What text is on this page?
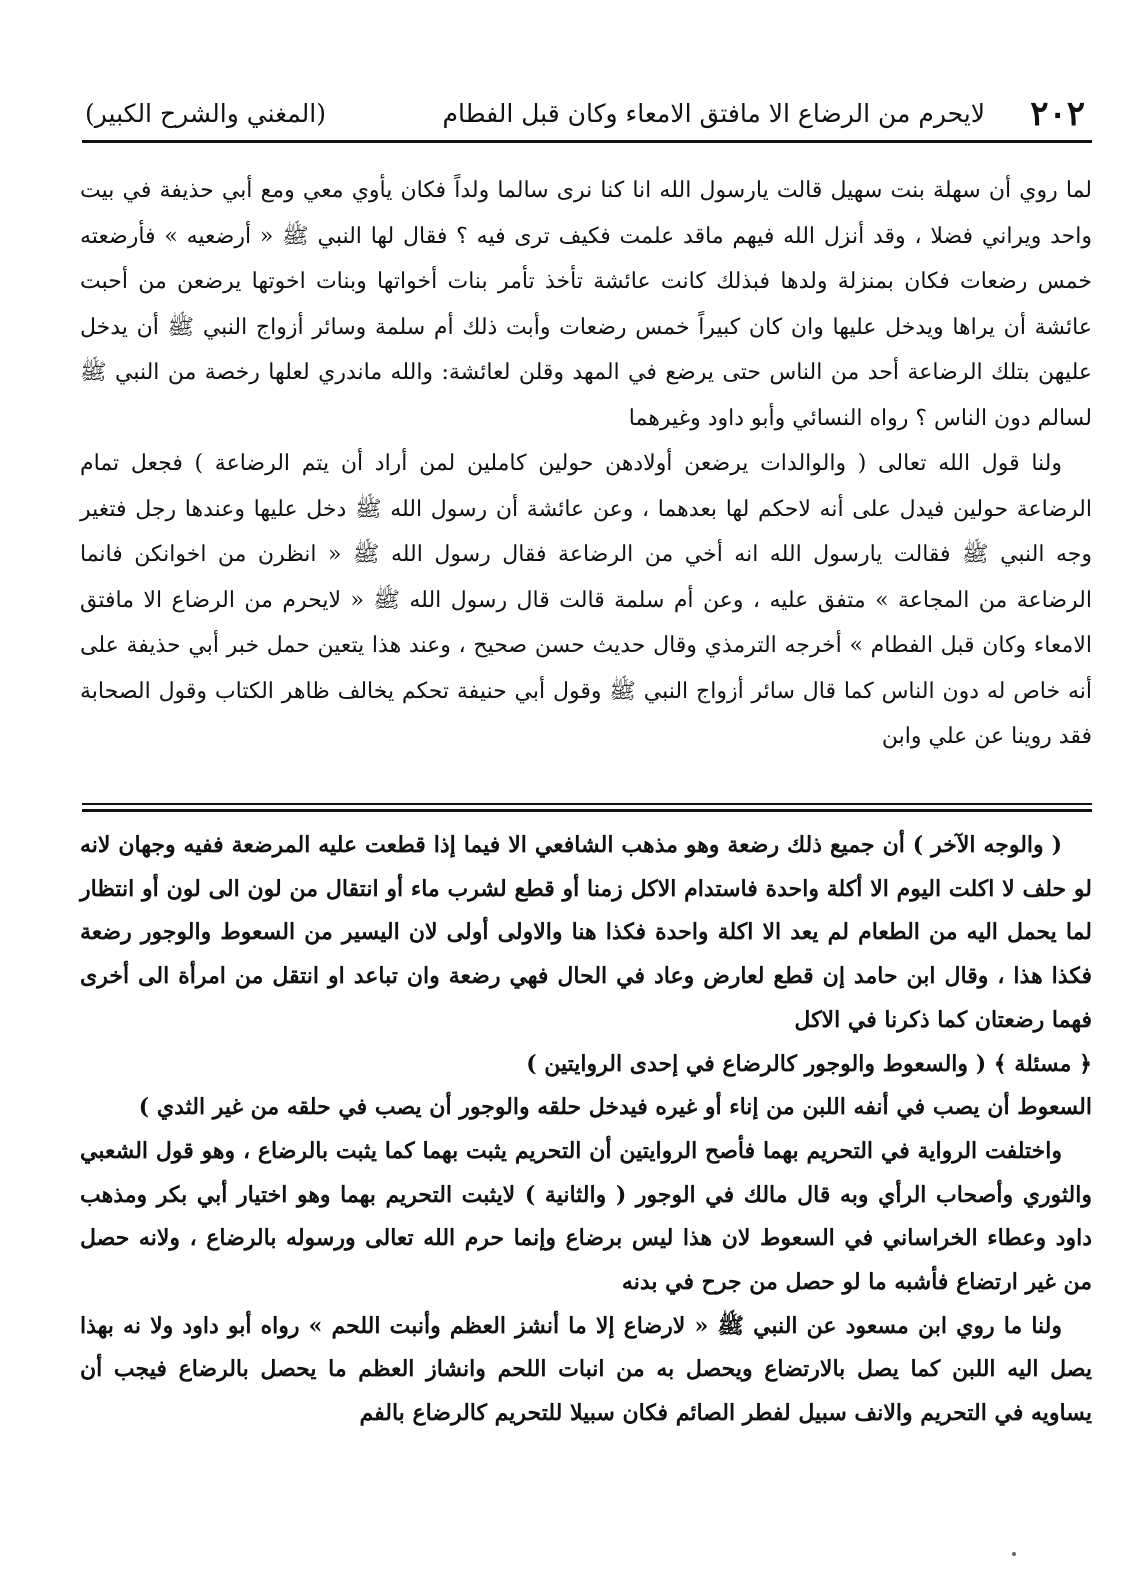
٢٠٢
لايحرم من الرضاع الا مافتق الامعاء وكان قبل الفطام
(المغني والشرح الكبير)

لما روي أن سهلة بنت سهيل قالت يارسول الله انا كنا نرى سالما ولداً فكان يأوي معي ومع أبي حذيفة في بيت واحد ويراني فضلا ، وقد أنزل الله فيهم ماقد علمت فكيف ترى فيه ؟ فقال لها النبي ﷺ « أرضعيه » فأرضعته خمس رضعات فكان بمنزلة ولدها فبذلك كانت عائشة تأخذ تأمر بنات أخواتها وبنات اخوتها يرضعن من أحبت عائشة أن يراها ويدخل عليها وان كان كبيراً خمس رضعات وأبت ذلك أم سلمة وسائر أزواج النبي ﷺ أن يدخل عليهن بتلك الرضاعة أحد من الناس حتى يرضع في المهد وقلن لعائشة: والله ماندري لعلها رخصة من النبي ﷺ لسالم دون الناس ؟ رواه النسائي وأبو داود وغيرهما

ولنا قول الله تعالى ( والوالدات يرضعن أولادهن حولين كاملين لمن أراد أن يتم الرضاعة ) فجعل تمام الرضاعة حولين فيدل على أنه لاحكم لها بعدهما ، وعن عائشة أن رسول الله ﷺ دخل عليها وعندها رجل فتغير وجه النبي ﷺ فقالت يارسول الله انه أخي من الرضاعة فقال رسول الله ﷺ « انظرن من اخوانكن فانما الرضاعة من المجاعة » متفق عليه ، وعن أم سلمة قالت قال رسول الله ﷺ « لايحرم من الرضاع الا مافتق الامعاء وكان قبل الفطام » أخرجه الترمذي وقال حديث حسن صحيح ، وعند هذا يتعين حمل خبر أبي حذيفة على أنه خاص له دون الناس كما قال سائر أزواج النبي ﷺ وقول أبي حنيفة تحكم يخالف ظاهر الكتاب وقول الصحابة فقد روينا عن علي وابن

( والوجه الآخر ) أن جميع ذلك رضعة وهو مذهب الشافعي الا فيما إذا قطعت عليه المرضعة ففيه وجهان لانه لو حلف لا اكلت اليوم الا أكلة واحدة فاستدام الاكل زمنا أو قطع لشرب ماء أو انتقال من لون الى لون أو انتظار لما يحمل اليه من الطعام لم يعد الا اكلة واحدة فكذا هنا والاولى أولى لان اليسير من السعوط والوجور رضعة فكذا هذا ، وقال ابن حامد إن قطع لعارض وعاد في الحال فهي رضعة وان تباعد او انتقل من امرأة الى أخرى فهما رضعتان كما ذكرنا في الاكل

﴿ مسئلة ﴾ ( والسعوط والوجور كالرضاع في إحدى الروايتين )

السعوط أن يصب في أنفه اللبن من إناء أو غيره فيدخل حلقه والوجور أن يصب في حلقه من غير الثدي )

واختلفت الرواية في التحريم بهما فأصح الروايتين أن التحريم يثبت بهما كما يثبت بالرضاع ، وهو قول الشعبي والثوري وأصحاب الرأي وبه قال مالك في الوجور ( والثانية ) لايثبت التحريم بهما وهو اختيار أبي بكر ومذهب داود وعطاء الخراساني في السعوط لان هذا ليس برضاع وإنما حرم الله تعالى ورسوله بالرضاع ، ولانه حصل من غير ارتضاع فأشبه ما لو حصل من جرح في بدنه

ولنا ما روي ابن مسعود عن النبي ﷺ « لارضاع إلا ما أنشز العظم وأنبت اللحم » رواه أبو داود ولا نه بهذا يصل اليه اللبن كما يصل بالارتضاع ويحصل به من انبات اللحم وانشاز العظم ما يحصل بالرضاع فيجب أن يساويه في التحريم والانف سبيل لفطر الصائم فكان سبيلا للتحريم كالرضاع بالفم
